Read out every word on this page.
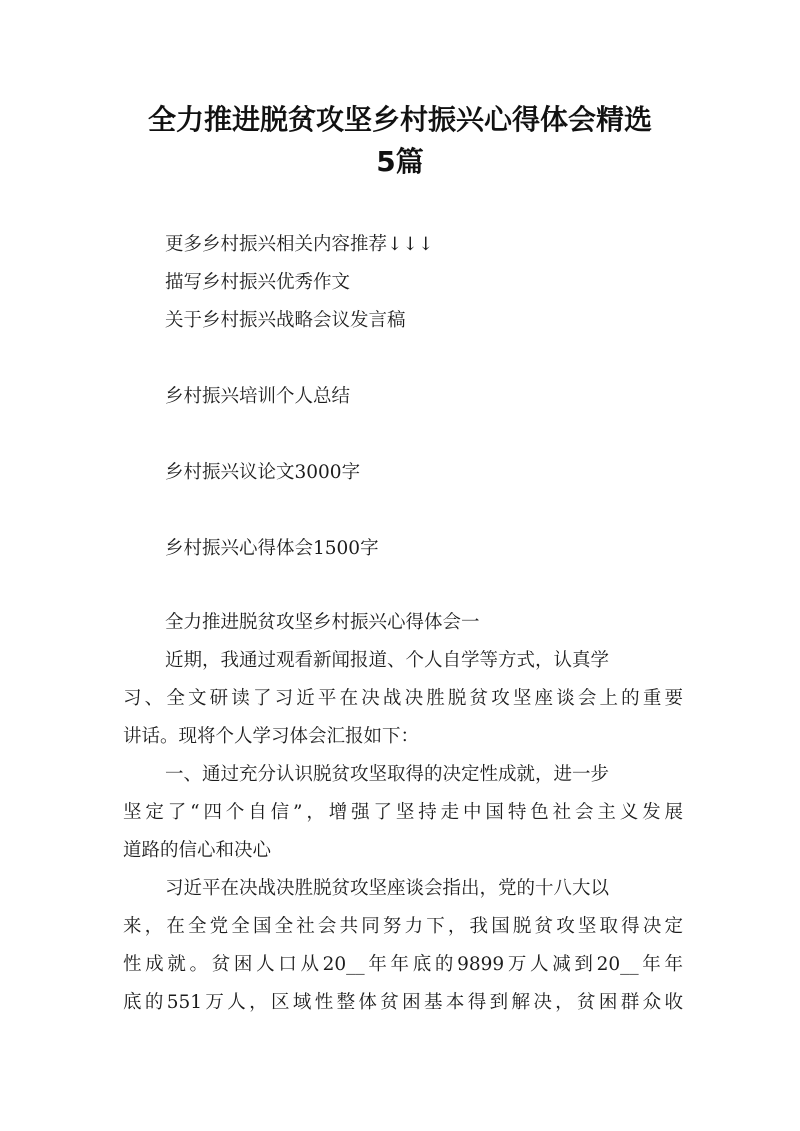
全力推进脱贫攻坚乡村振兴心得体会精选
5篇
更多乡村振兴相关内容推荐↓↓↓
描写乡村振兴优秀作文
关于乡村振兴战略会议发言稿
乡村振兴培训个人总结
乡村振兴议论文3000字
乡村振兴心得体会1500字
全力推进脱贫攻坚乡村振兴心得体会一
近期，我通过观看新闻报道、个人自学等方式，认真学
习、全文研读了习近平在决战决胜脱贫攻坚座谈会上的重要
讲话。现将个人学习体会汇报如下：
一、通过充分认识脱贫攻坚取得的决定性成就，进一步
坚定了“四个自信”，增强了坚持走中国特色社会主义发展
道路的信心和决心
习近平在决战决胜脱贫攻坚座谈会指出，党的十八大以
来，在全党全国全社会共同努力下，我国脱贫攻坚取得决定
性成就。贫困人口从20__年年底的9899万人减到20__年年
底的551万人，区域性整体贫困基本得到解决，贫困群众收
